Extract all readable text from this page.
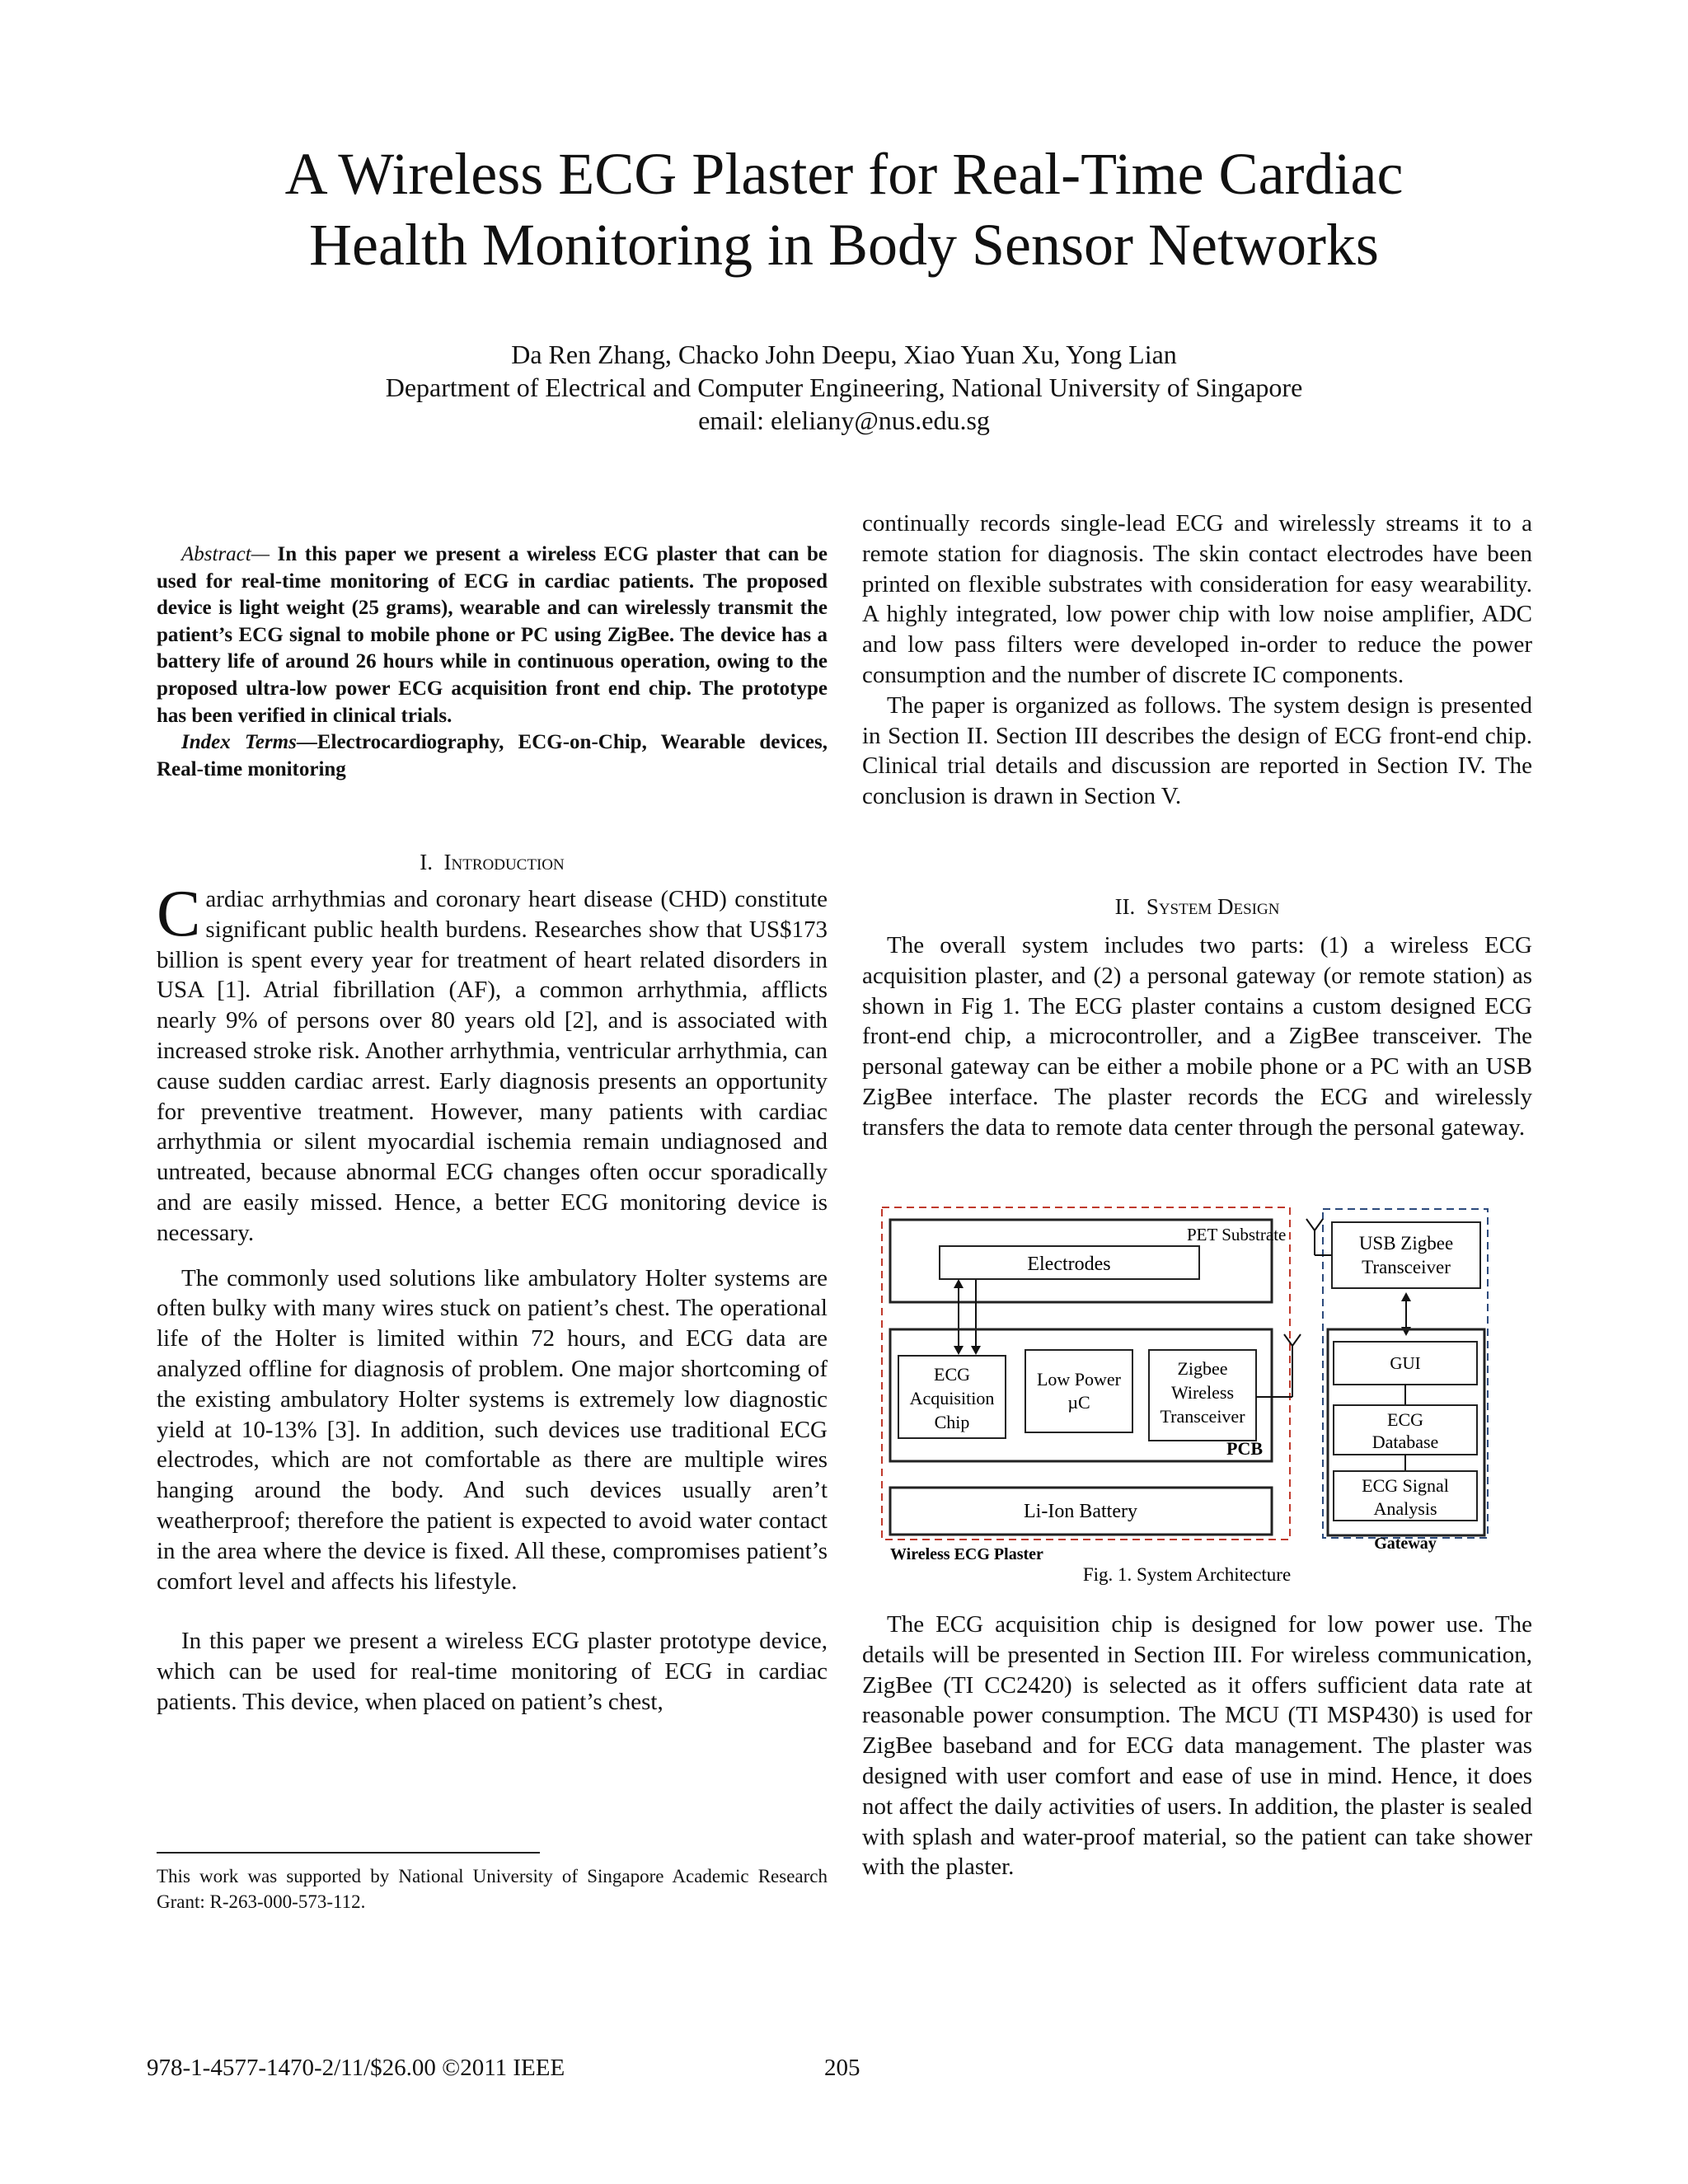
A Wireless ECG Plaster for Real-Time Cardiac
Health Monitoring in Body Sensor Networks
Da Ren Zhang, Chacko John Deepu, Xiao Yuan Xu, Yong Lian
Department of Electrical and Computer Engineering, National University of Singapore
email: eleliany@nus.edu.sg

Abstract— In this paper we present a wireless ECG plaster that can be used for real-time monitoring of ECG in cardiac patients. The proposed device is light weight (25 grams), wearable and can wirelessly transmit the patient’s ECG signal to mobile phone or PC using ZigBee. The device has a battery life of around 26 hours while in continuous operation, owing to the proposed ultra-low power ECG acquisition front end chip. The prototype has been verified in clinical trials.

Index Terms—Electrocardiography, ECG-on-Chip, Wearable devices, Real-time monitoring

I. Introduction

Cardiac arrhythmias and coronary heart disease (CHD) constitute significant public health burdens. Researches show that US$173 billion is spent every year for treatment of heart related disorders in USA [1]. Atrial fibrillation (AF), a common arrhythmia, afflicts nearly 9% of persons over 80 years old [2], and is associated with increased stroke risk. Another arrhythmia, ventricular arrhythmia, can cause sudden cardiac arrest. Early diagnosis presents an opportunity for preventive treatment. However, many patients with cardiac arrhythmia or silent myocardial ischemia remain undiagnosed and untreated, because abnormal ECG changes often occur sporadically and are easily missed. Hence, a better ECG monitoring device is necessary.

The commonly used solutions like ambulatory Holter systems are often bulky with many wires stuck on patient’s chest. The operational life of the Holter is limited within 72 hours, and ECG data are analyzed offline for diagnosis of problem. One major shortcoming of the existing ambulatory Holter systems is extremely low diagnostic yield at 10-13% [3]. In addition, such devices use traditional ECG electrodes, which are not comfortable as there are multiple wires hanging around the body. And such devices usually aren’t weatherproof; therefore the patient is expected to avoid water contact in the area where the device is fixed. All these, compromises patient’s comfort level and affects his lifestyle.

In this paper we present a wireless ECG plaster prototype device, which can be used for real-time monitoring of ECG in cardiac patients. This device, when placed on patient’s chest,

This work was supported by National University of Singapore Academic Research Grant: R-263-000-573-112.

continually records single-lead ECG and wirelessly streams it to a remote station for diagnosis. The skin contact electrodes have been printed on flexible substrates with consideration for easy wearability. A highly integrated, low power chip with low noise amplifier, ADC and low pass filters were developed in-order to reduce the power consumption and the number of discrete IC components.

The paper is organized as follows. The system design is presented in Section II. Section III describes the design of ECG front-end chip. Clinical trial details and discussion are reported in Section IV. The conclusion is drawn in Section V.

II. System Design

The overall system includes two parts: (1) a wireless ECG acquisition plaster, and (2) a personal gateway (or remote station) as shown in Fig 1. The ECG plaster contains a custom designed ECG front-end chip, a microcontroller, and a ZigBee transceiver. The personal gateway can be either a mobile phone or a PC with an USB ZigBee interface. The plaster records the ECG and wirelessly transfers the data to remote data center through the personal gateway.

PET Substrate
Electrodes
PCB
ECG
Acquisition
Chip
Low Power
µC
Zigbee
Wireless
Transceiver
Li-Ion Battery
Wireless ECG Plaster
USB Zigbee
Transceiver
GUI
ECG
Database
ECG Signal
Analysis
Gateway
Fig. 1. System Architecture

The ECG acquisition chip is designed for low power use. The details will be presented in Section III. For wireless communication, ZigBee (TI CC2420) is selected as it offers sufficient data rate at reasonable power consumption. The MCU (TI MSP430) is used for ZigBee baseband and for ECG data management. The plaster was designed with user comfort and ease of use in mind. Hence, it does not affect the daily activities of users. In addition, the plaster is sealed with splash and water-proof material, so the patient can take shower with the plaster.

978-1-4577-1470-2/11/$26.00 ©2011 IEEE	205
